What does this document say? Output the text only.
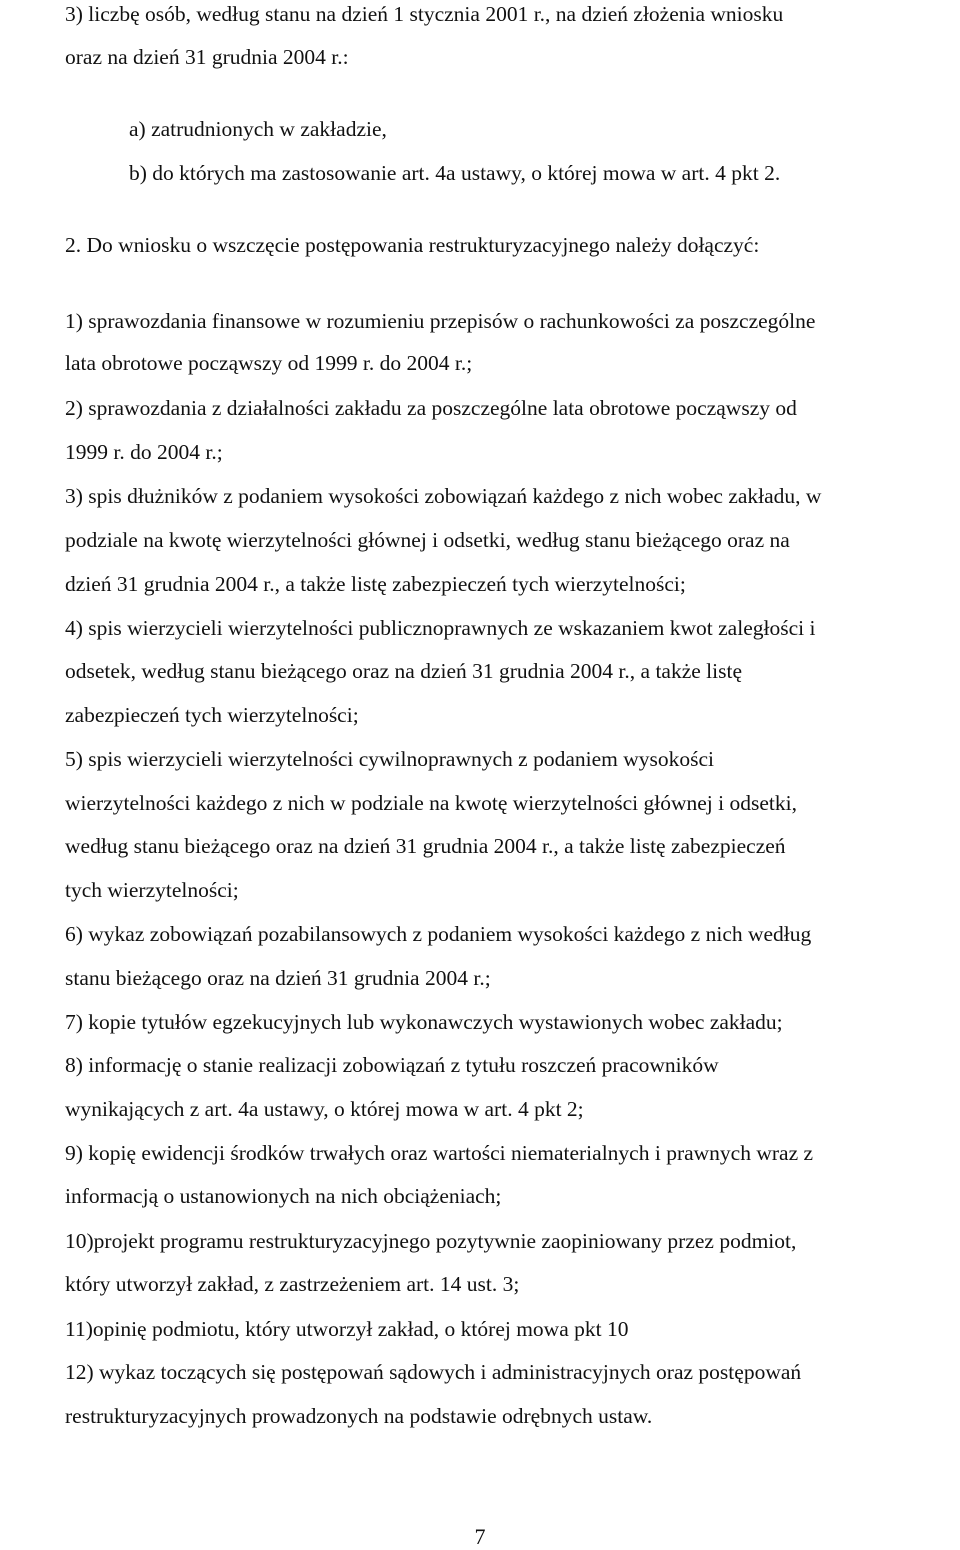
3) liczbę osób, według stanu na dzień 1 stycznia 2001 r., na dzień złożenia wniosku
oraz na dzień 31 grudnia 2004 r.:
a) zatrudnionych w zakładzie,
b) do których ma zastosowanie art. 4a ustawy, o której mowa w art. 4 pkt 2.
2. Do wniosku o wszczęcie postępowania restrukturyzacyjnego należy dołączyć:
1) sprawozdania finansowe w rozumieniu przepisów o rachunkowości za poszczególne
lata obrotowe począwszy od 1999 r. do 2004 r.;
2) sprawozdania z działalności zakładu za poszczególne lata obrotowe począwszy od
1999 r. do 2004 r.;
3) spis dłużników z podaniem wysokości zobowiązań każdego z nich wobec zakładu, w
podziale na kwotę wierzytelności głównej i odsetki, według stanu bieżącego oraz na
dzień 31 grudnia 2004 r., a także listę zabezpieczeń tych wierzytelności;
4) spis wierzycieli wierzytelności publicznoprawnych ze wskazaniem kwot zaległości i
odsetek, według stanu bieżącego oraz na dzień 31 grudnia 2004 r., a także listę
zabezpieczeń tych wierzytelności;
5) spis wierzycieli wierzytelności cywilnoprawnych z podaniem wysokości
wierzytelności każdego z nich w podziale na kwotę wierzytelności głównej i odsetki,
według stanu bieżącego oraz na dzień 31 grudnia 2004 r., a także listę zabezpieczeń
tych wierzytelności;
6) wykaz zobowiązań pozabilansowych z podaniem wysokości każdego z nich według
stanu bieżącego oraz na dzień 31 grudnia 2004 r.;
7) kopie tytułów egzekucyjnych lub wykonawczych wystawionych wobec zakładu;
8) informację o stanie realizacji zobowiązań z tytułu roszczeń pracowników
wynikających z art. 4a ustawy, o której mowa w art. 4 pkt 2;
9) kopię ewidencji środków trwałych oraz wartości niematerialnych i prawnych wraz z
informacją o ustanowionych na nich obciążeniach;
10)projekt programu restrukturyzacyjnego pozytywnie zaopiniowany przez podmiot,
który utworzył zakład, z zastrzeżeniem art. 14 ust. 3;
11)opinię podmiotu, który utworzył zakład, o której mowa pkt 10
12) wykaz toczących się postępowań sądowych i administracyjnych oraz postępowań
restrukturyzacyjnych prowadzonych na podstawie odrębnych ustaw.
7
